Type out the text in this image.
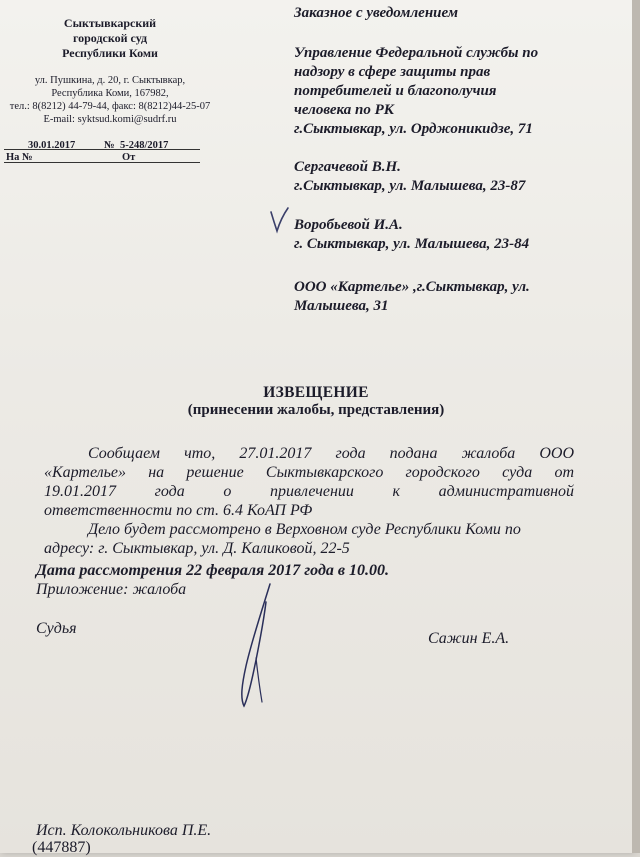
Сыктывкарский
городской суд
Республики Коми
ул. Пушкина, д. 20, г. Сыктывкар,
Республика Коми, 167982,
тел.: 8(8212) 44-79-44, факс: 8(8212)44-25-07
E-mail: syktsud.komi@sudrf.ru
30.01.2017	№ 5-248/2017
На №	От
Заказное с уведомлением
Управление Федеральной службы по
надзору в сфере защиты прав
потребителей и благополучия
человека по РК
г.Сыктывкар, ул. Орджоникидзе, 71
Сергачевой В.Н.
г.Сыктывкар, ул. Малышева, 23-87
Воробьевой И.А.
г. Сыктывкар, ул. Малышева, 23-84
ООО «Картелье» ,г.Сыктывкар, ул.
Малышева, 31
ИЗВЕЩЕНИЕ
(принесении жалобы, представления)
Сообщаем что, 27.01.2017 года подана жалоба ООО
«Картелье» на решение Сыктывкарского городского суда от
19.01.2017 года о привлечении к административной
ответственности по ст. 6.4 КоАП РФ
Дело будет рассмотрено в Верховном суде Республики Коми по
адресу: г. Сыктывкар, ул. Д. Каликовой, 22-5
Дата рассмотрения 22 февраля 2017 года в 10.00.
Приложение: жалоба
Судья
Сажин Е.А.
Исп. Колокольникова П.Е.
(447887)
